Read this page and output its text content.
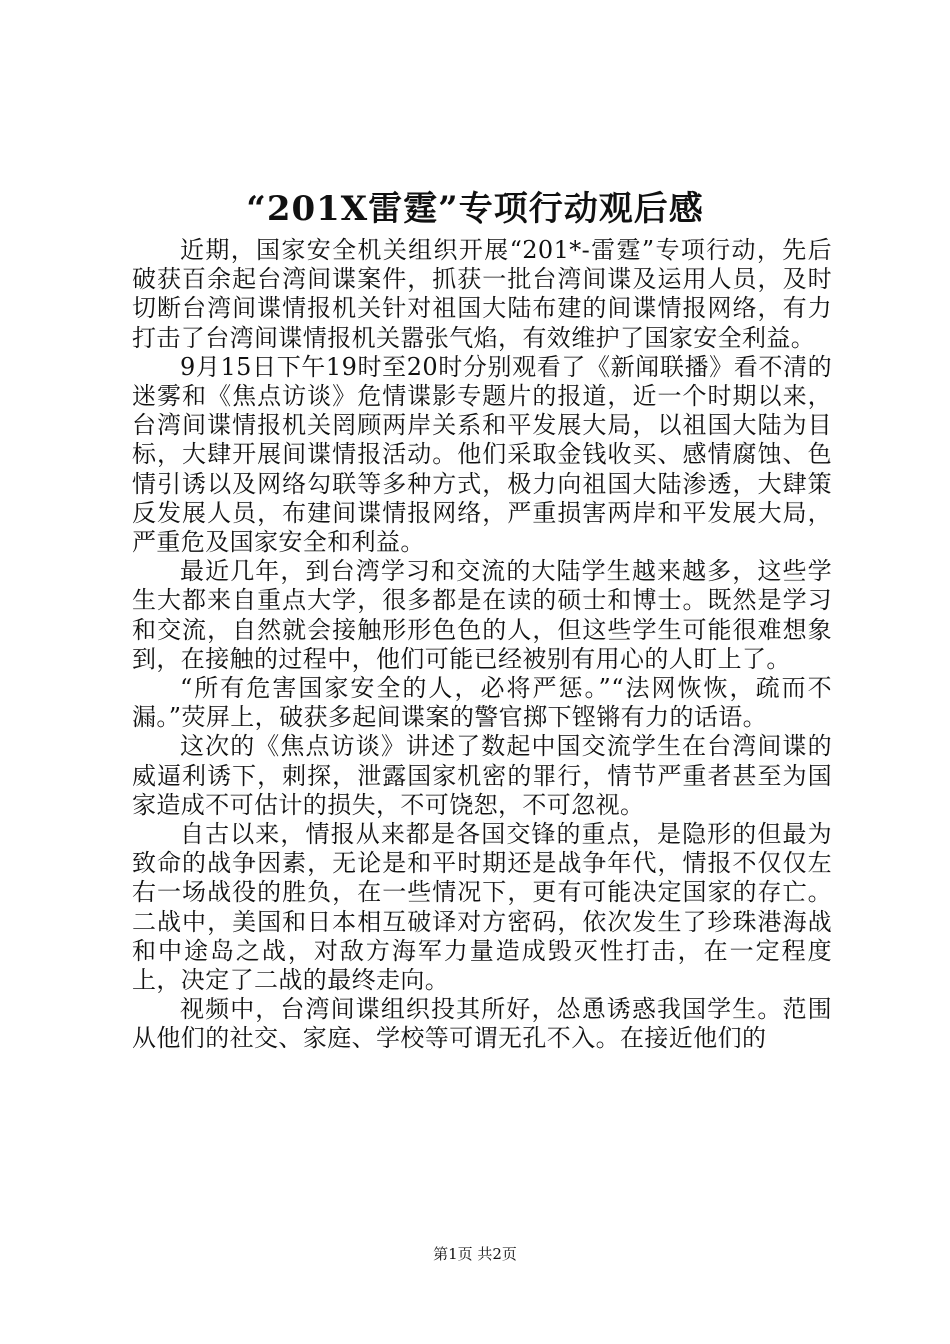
“201X雷霆”专项行动观后感

近期，国家安全机关组织开展“201*-雷霆”专项行动，先后破获百余起台湾间谍案件，抓获一批台湾间谍及运用人员，及时切断台湾间谍情报机关针对祖国大陆布建的间谍情报网络，有力打击了台湾间谍情报机关嚣张气焰，有效维护了国家安全利益。

9月15日下午19时至20时分别观看了《新闻联播》看不清的迷雾和《焦点访谈》危情谍影专题片的报道，近一个时期以来，台湾间谍情报机关罔顾两岸关系和平发展大局，以祖国大陆为目标，大肆开展间谍情报活动。他们采取金钱收买、感情腐蚀、色情引诱以及网络勾联等多种方式，极力向祖国大陆渗透，大肆策反发展人员，布建间谍情报网络，严重损害两岸和平发展大局，严重危及国家安全和利益。

最近几年，到台湾学习和交流的大陆学生越来越多，这些学生大都来自重点大学，很多都是在读的硕士和博士。既然是学习和交流，自然就会接触形形色色的人，但这些学生可能很难想象到，在接触的过程中，他们可能已经被别有用心的人盯上了。

“所有危害国家安全的人，必将严惩。”“法网恢恢，疏而不漏。”荧屏上，破获多起间谍案的警官掷下铿锵有力的话语。

这次的《焦点访谈》讲述了数起中国交流学生在台湾间谍的威逼利诱下，刺探，泄露国家机密的罪行，情节严重者甚至为国家造成不可估计的损失，不可饶恕，不可忽视。

自古以来，情报从来都是各国交锋的重点，是隐形的但最为致命的战争因素，无论是和平时期还是战争年代，情报不仅仅左右一场战役的胜负，在一些情况下，更有可能决定国家的存亡。二战中，美国和日本相互破译对方密码，依次发生了珍珠港海战和中途岛之战，对敌方海军力量造成毁灭性打击，在一定程度上，决定了二战的最终走向。

视频中，台湾间谍组织投其所好，怂恿诱惑我国学生。范围从他们的社交、家庭、学校等可谓无孔不入。在接近他们的

第1页 共2页
